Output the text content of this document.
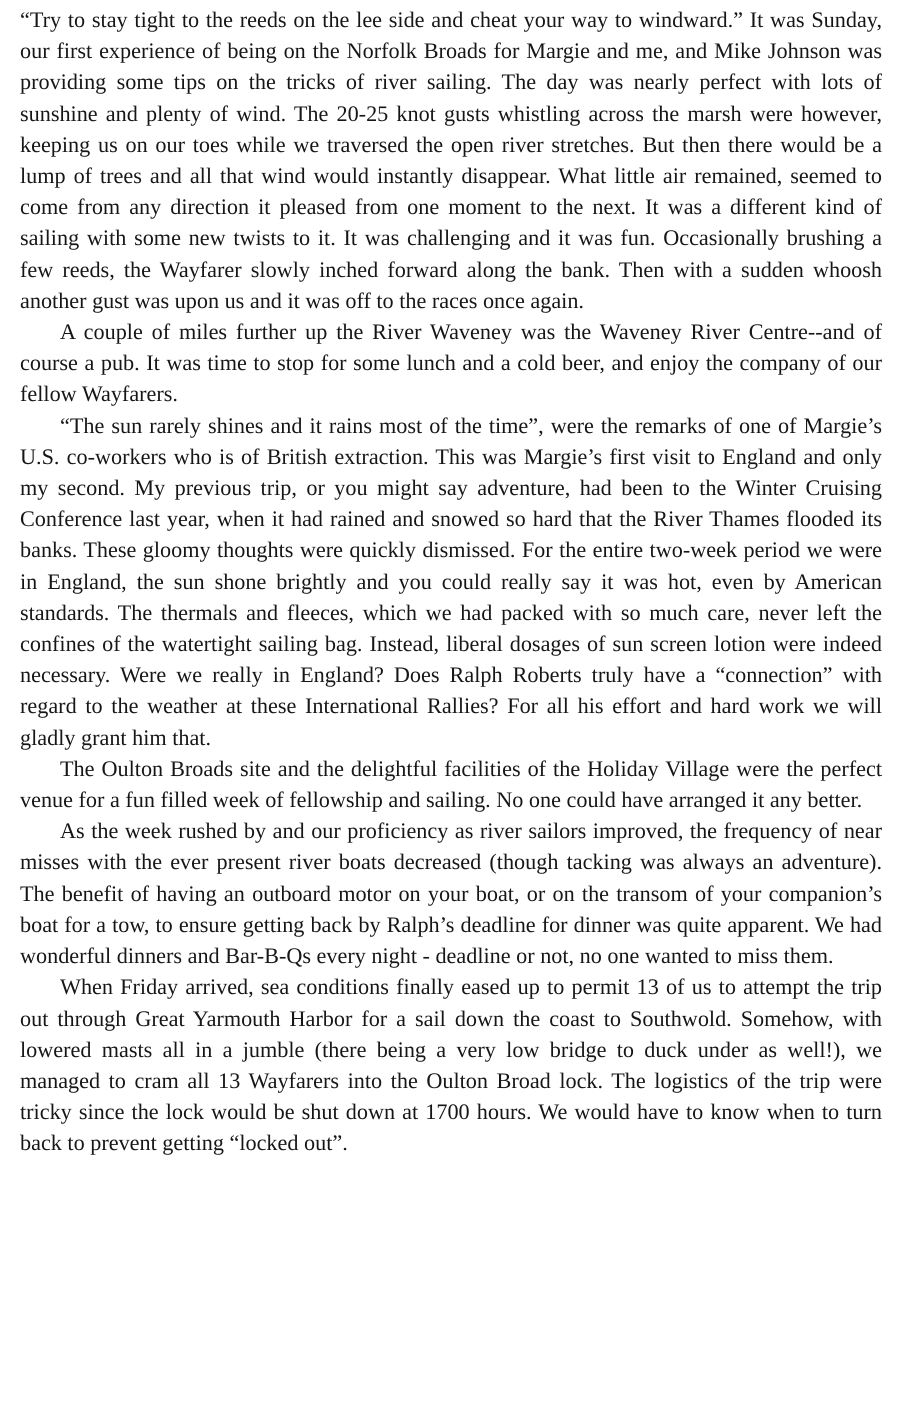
“Try to stay tight to the reeds on the lee side and cheat your way to windward.” It was Sunday, our first experience of being on the Norfolk Broads for Margie and me, and Mike Johnson was providing some tips on the tricks of river sailing. The day was nearly perfect with lots of sunshine and plenty of wind. The 20-25 knot gusts whistling across the marsh were however, keeping us on our toes while we traversed the open river stretches. But then there would be a lump of trees and all that wind would instantly disappear. What little air remained, seemed to come from any direction it pleased from one moment to the next. It was a different kind of sailing with some new twists to it. It was challenging and it was fun. Occasionally brushing a few reeds, the Wayfarer slowly inched forward along the bank. Then with a sudden whoosh another gust was upon us and it was off to the races once again.

A couple of miles further up the River Waveney was the Waveney River Centre--and of course a pub. It was time to stop for some lunch and a cold beer, and enjoy the company of our fellow Wayfarers.

“The sun rarely shines and it rains most of the time”, were the remarks of one of Margie’s U.S. co-workers who is of British extraction. This was Margie’s first visit to England and only my second. My previous trip, or you might say adventure, had been to the Winter Cruising Conference last year, when it had rained and snowed so hard that the River Thames flooded its banks. These gloomy thoughts were quickly dismissed. For the entire two-week period we were in England, the sun shone brightly and you could really say it was hot, even by American standards. The thermals and fleeces, which we had packed with so much care, never left the confines of the watertight sailing bag. Instead, liberal dosages of sun screen lotion were indeed necessary. Were we really in England? Does Ralph Roberts truly have a “connection” with regard to the weather at these International Rallies? For all his effort and hard work we will gladly grant him that.

The Oulton Broads site and the delightful facilities of the Holiday Village were the perfect venue for a fun filled week of fellowship and sailing. No one could have arranged it any better.

As the week rushed by and our proficiency as river sailors improved, the frequency of near misses with the ever present river boats decreased (though tacking was always an adventure). The benefit of having an outboard motor on your boat, or on the transom of your companion’s boat for a tow, to ensure getting back by Ralph’s deadline for dinner was quite apparent. We had wonderful dinners and Bar-B-Qs every night - deadline or not, no one wanted to miss them.

When Friday arrived, sea conditions finally eased up to permit 13 of us to attempt the trip out through Great Yarmouth Harbor for a sail down the coast to Southwold. Somehow, with lowered masts all in a jumble (there being a very low bridge to duck under as well!), we managed to cram all 13 Wayfarers into the Oulton Broad lock. The logistics of the trip were tricky since the lock would be shut down at 1700 hours. We would have to know when to turn back to prevent getting “locked out”.
